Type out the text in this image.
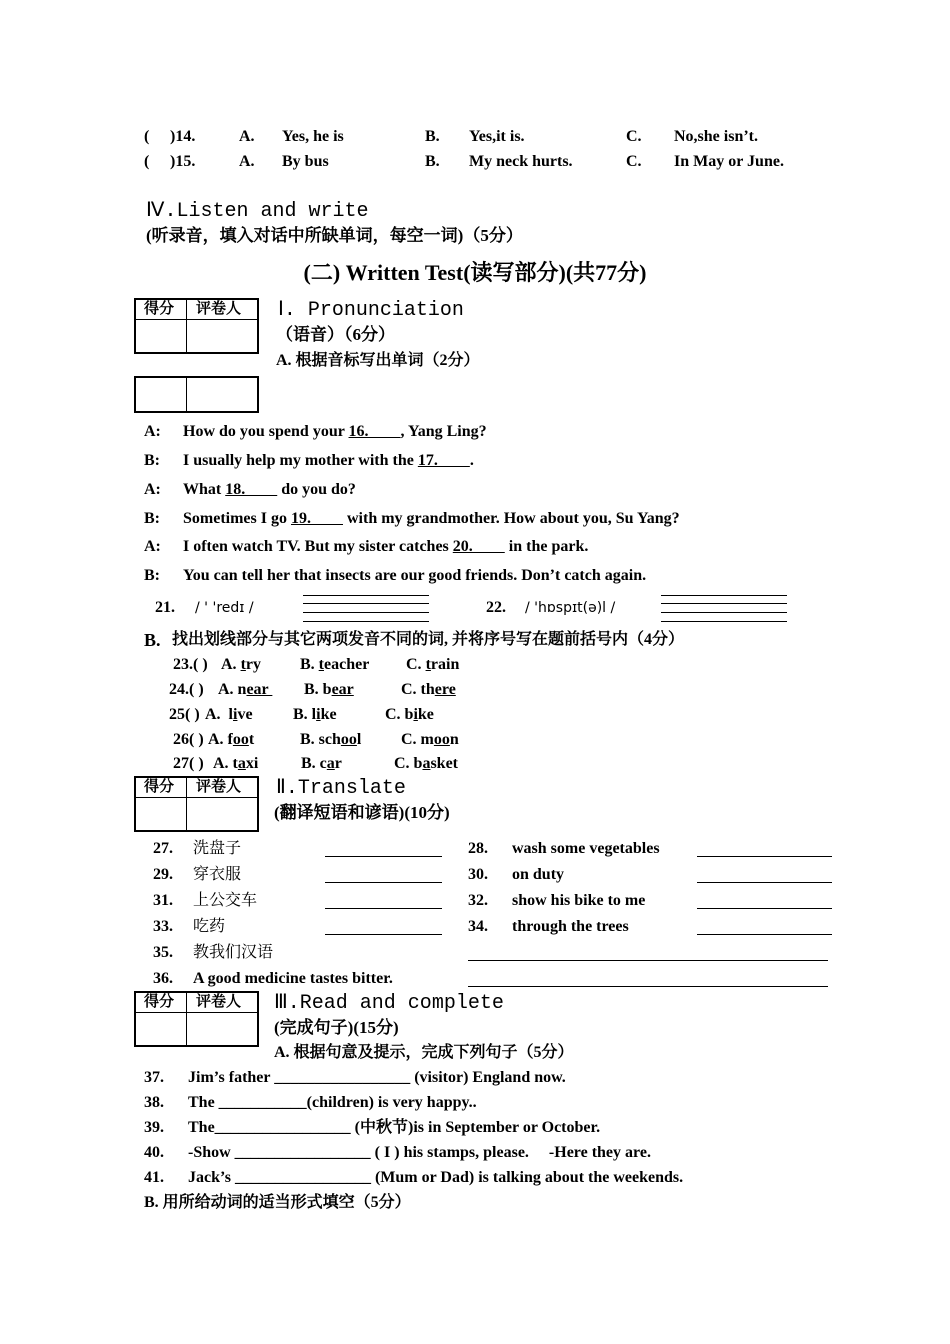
( )14.	A. Yes, he is	B. Yes,it is.	C. No,she isn’t.
( )15.	A. By bus	B. My neck hurts.	C. In May or June.
Ⅳ.Listen and write
(听录音，填入对话中所缺单词，每空一词)（5分）
(二) Written Test(读写部分)(共77分)
得分 评卷人 Ⅰ. Pronunciation
（语音）（6分）
A. 根据音标写出单词（2分）
A: How do you spend your 16.        , Yang Ling?
B: I usually help my mother with the 17.        .
A: What 18.         do you do?
B: Sometimes I go 19.         with my grandmother. How about you, Su Yang?
A: I often watch TV. But my sister catches 20.         in the park.
B: You can tell her that insects are our good friends. Don’t catch again.
21. / ' 'redɪ /	22. / 'hɒspɪt(ə)l /
B. 找出划线部分与其它两项发音不同的词, 并将序号写在题前括号内（4分）
23.( ) A. try B. teacher C. train
24.( ) A. near B. bear	C. there
25( ) A.  live	B. like	C. bike
26( ) A. foot	B. school C. moon
27( ) A. taxi	B. car	C. basket
得分 评卷人 Ⅱ.Translate
(翻译短语和谚语)(10分)
27. 洗盘子	28. wash some vegetables
29. 穿衣服	30. on duty
31. 上公交车	32. show his bike to me
33. 吃药	34. through the trees
35. 教我们汉语
36. A good medicine tastes bitter.
得分 评卷人 Ⅲ.Read and complete
(完成句子)(15分)
A. 根据句意及提示，完成下列句子（5分）
37. Jim’s father _________________ (visitor) England now.
38. The ___________(children) is very happy..
39. The_________________ (中秋节)is in September or October.
40. -Show _________________ ( I ) his stamps, please.     -Here they are.
41. Jack’s _________________ (Mum or Dad) is talking about the weekends.
B. 用所给动词的适当形式填空（5分）
